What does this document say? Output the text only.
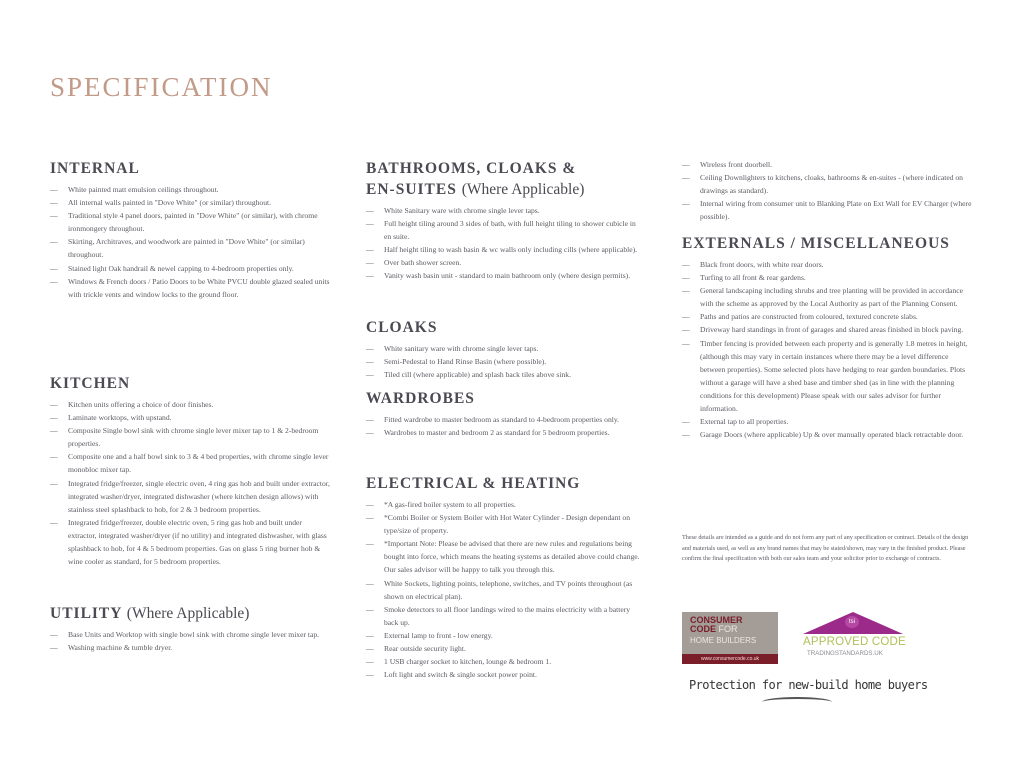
SPECIFICATION
INTERNAL
— White painted matt emulsion ceilings throughout.
— All internal walls painted in "Dove White" (or similar) throughout.
— Traditional style 4 panel doors, painted in "Dove White" (or similar), with chrome ironmongery throughout.
— Skirting, Architraves, and woodwork are painted in "Dove White" (or similar) throughout.
— Stained light Oak handrail & newel capping to 4-bedroom properties only.
— Windows & French doors / Patio Doors to be White PVCU double glazed sealed units with trickle vents and window locks to the ground floor.
KITCHEN
— Kitchen units offering a choice of door finishes.
— Laminate worktops, with upstand.
— Composite Single bowl sink with chrome single lever mixer tap to 1 & 2-bedroom properties.
— Composite one and a half bowl sink to 3 & 4 bed properties, with chrome single lever monobloc mixer tap.
— Integrated fridge/freezer, single electric oven, 4 ring gas hob and built under extractor, integrated washer/dryer, integrated dishwasher (where kitchen design allows) with stainless steel splashback to hob, for 2 & 3 bedroom properties.
— Integrated fridge/freezer, double electric oven, 5 ring gas hob and built under extractor, integrated washer/dryer (if no utility) and integrated dishwasher, with glass splashback to hob, for 4 & 5 bedroom properties. Gas on glass 5 ring burner hob & wine cooler as standard, for 5 bedroom properties.
UTILITY (Where Applicable)
— Base Units and Worktop with single bowl sink with chrome single lever mixer tap.
— Washing machine & tumble dryer.
BATHROOMS, CLOAKS & EN-SUITES (Where Applicable)
— White Sanitary ware with chrome single lever taps.
— Full height tiling around 3 sides of bath, with full height tiling to shower cubicle in en suite.
— Half height tiling to wash basin & wc walls only including cills (where applicable).
— Over bath shower screen.
— Vanity wash basin unit - standard to main bathroom only (where design permits).
CLOAKS
— White sanitary ware with chrome single lever taps.
— Semi-Pedestal to Hand Rinse Basin (where possible).
— Tiled cill (where applicable) and splash back tiles above sink.
WARDROBES
— Fitted wardrobe to master bedroom as standard to 4-bedroom properties only.
— Wardrobes to master and bedroom 2 as standard for 5 bedroom properties.
ELECTRICAL & HEATING
— *A gas-fired boiler system to all properties.
— *Combi Boiler or System Boiler with Hot Water Cylinder - Design dependant on type/size of property.
— *Important Note: Please be advised that there are new rules and regulations being bought into force, which means the heating systems as detailed above could change. Our sales advisor will be happy to talk you through this.
— White Sockets, lighting points, telephone, switches, and TV points throughout (as shown on electrical plan).
— Smoke detectors to all floor landings wired to the mains electricity with a battery back up.
— External lamp to front - low energy.
— Rear outside security light.
— 1 USB charger socket to kitchen, lounge & bedroom 1.
— Loft light and switch & single socket power point.
— Wireless front doorbell.
— Ceiling Downlighters to kitchens, cloaks, bathrooms & en-suites - (where indicated on drawings as standard).
— Internal wiring from consumer unit to Blanking Plate on Ext Wall for EV Charger (where possible).
EXTERNALS / MISCELLANEOUS
— Black front doors, with white rear doors.
— Turfing to all front & rear gardens.
— General landscaping including shrubs and tree planting will be provided in accordance with the scheme as approved by the Local Authority as part of the Planning Consent.
— Paths and patios are constructed from coloured, textured concrete slabs.
— Driveway hard standings in front of garages and shared areas finished in block paving.
— Timber fencing is provided between each property and is generally 1.8 metres in height, (although this may vary in certain instances where there may be a level difference between properties). Some selected plots have hedging to rear garden boundaries. Plots without a garage will have a shed base and timber shed (as in line with the planning conditions for this development) Please speak with our sales advisor for further information.
— External tap to all properties.
— Garage Doors (where applicable) Up & over manually operated black retractable door.
These details are intended as a guide and do not form any part of any specification or contract. Details of the design and materials used, as well as any brand names that may be stated/shown, may vary in the finished product. Please confirm the final specification with both our sales team and your solicitor prior to exchange of contracts.
CONSUMER
CODE FOR
HOME BUILDERS
www.consumercode.co.uk
tsi
APPROVED CODE
TRADINGSTANDARDS.UK
Protection for new-build home buyers
